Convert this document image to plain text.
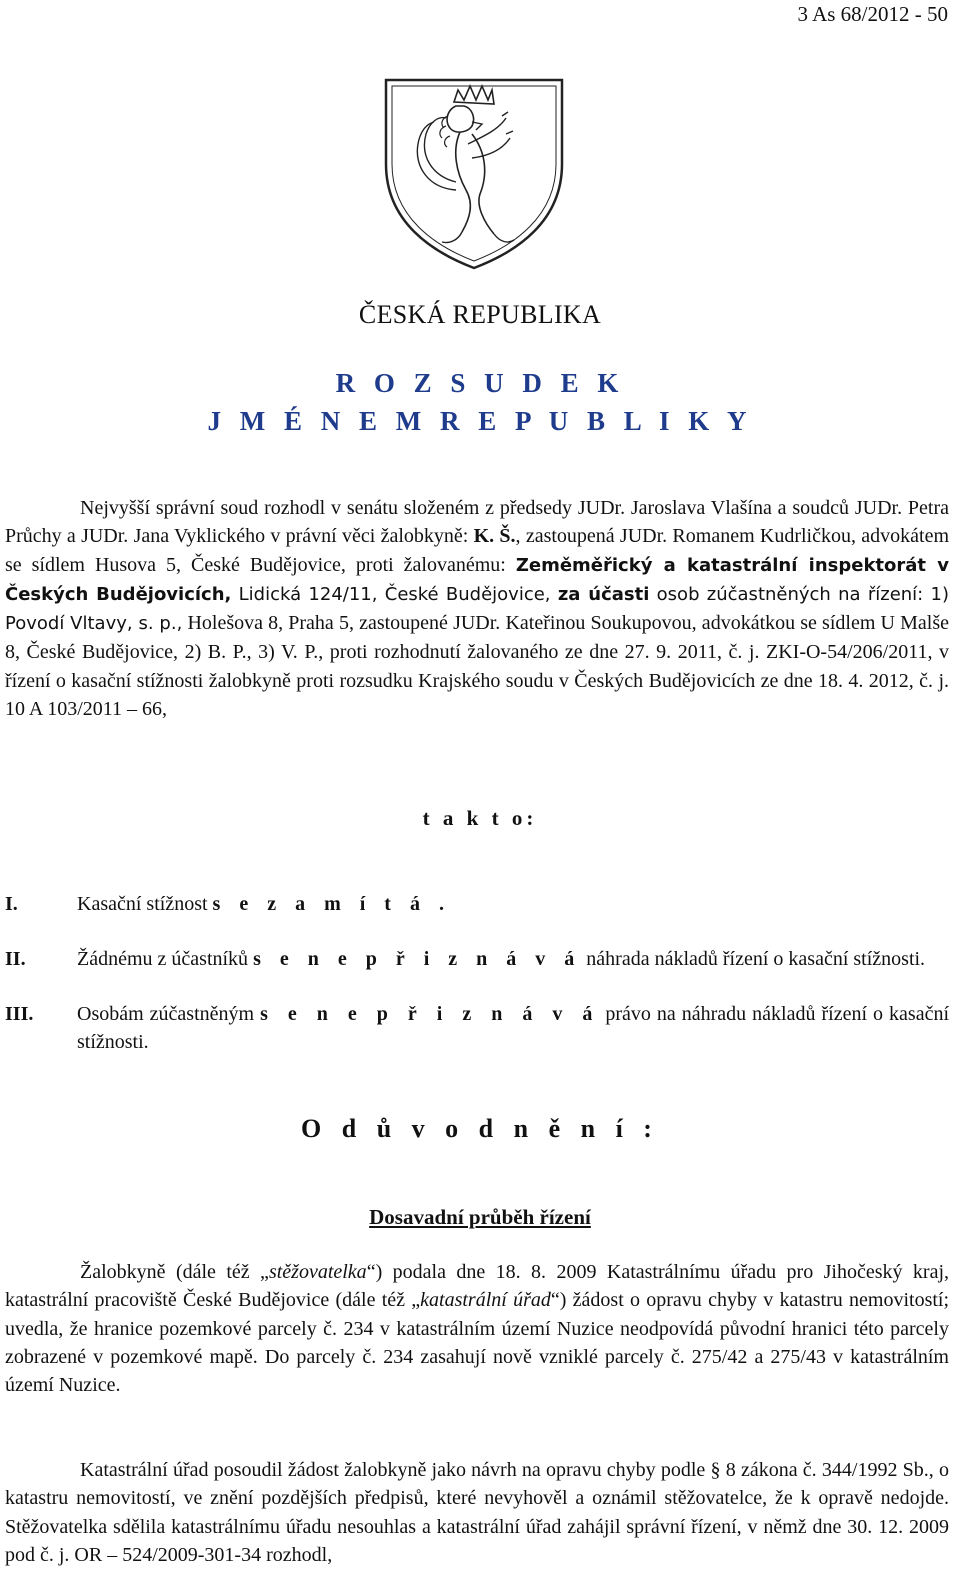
3 As 68/2012 - 50
ČESKÁ REPUBLIKA
R O Z S U D E K
J M É N E M R E P U B L I K Y
Nejvyšší správní soud rozhodl v senátu složeném z předsedy JUDr. Jaroslava Vlašína a soudců JUDr. Petra Průchy a JUDr. Jana Vyklického v právní věci žalobkyně: K. Š., zastoupená JUDr. Romanem Kudrličkou, advokátem se sídlem Husova 5, České Budějovice, proti žalovanému: Zeměměřický a katastrální inspektorát v Českých Budějovicích, Lidická 124/11, České Budějovice, za účasti osob zúčastněných na řízení: 1) Povodí Vltavy, s. p., Holešova 8, Praha 5, zastoupené JUDr. Kateřinou Soukupovou, advokátkou se sídlem U Malše 8, České Budějovice, 2) B. P., 3) V. P., proti rozhodnutí žalovaného ze dne 27. 9. 2011, č. j. ZKI-O-54/206/2011, v řízení o kasační stížnosti žalobkyně proti rozsudku Krajského soudu v Českých Budějovicích ze dne 18. 4. 2012, č. j. 10 A 103/2011 – 66,
t a k t o:
I.	Kasační stížnost s e z a m í t á .
II.	Žádnému z účastníků s e n e p ř i z n á v á náhrada nákladů řízení o kasační stížnosti.
III. Osobám zúčastněným s e n e p ř i z n á v á právo na náhradu nákladů řízení o kasační stížnosti.
O d ů v o d n ě n í :
Dosavadní průběh řízení
Žalobkyně (dále též „stěžovatelka“) podala dne 18. 8. 2009 Katastrálnímu úřadu pro Jihočeský kraj, katastrální pracoviště České Budějovice (dále též „katastrální úřad“) žádost o opravu chyby v katastru nemovitostí; uvedla, že hranice pozemkové parcely č. 234 v katastrálním území Nuzice neodpovídá původní hranici této parcely zobrazené v pozemkové mapě. Do parcely č. 234 zasahují nově vzniklé parcely č. 275/42 a 275/43 v katastrálním území Nuzice.
Katastrální úřad posoudil žádost žalobkyně jako návrh na opravu chyby podle § 8 zákona č. 344/1992 Sb., o katastru nemovitostí, ve znění pozdějších předpisů, které nevyhověl a oznámil stěžovatelce, že k opravě nedojde. Stěžovatelka sdělila katastrálnímu úřadu nesouhlas a katastrální úřad zahájil správní řízení, v němž dne 30. 12. 2009 pod č. j. OR – 524/2009-301-34 rozhodl,
